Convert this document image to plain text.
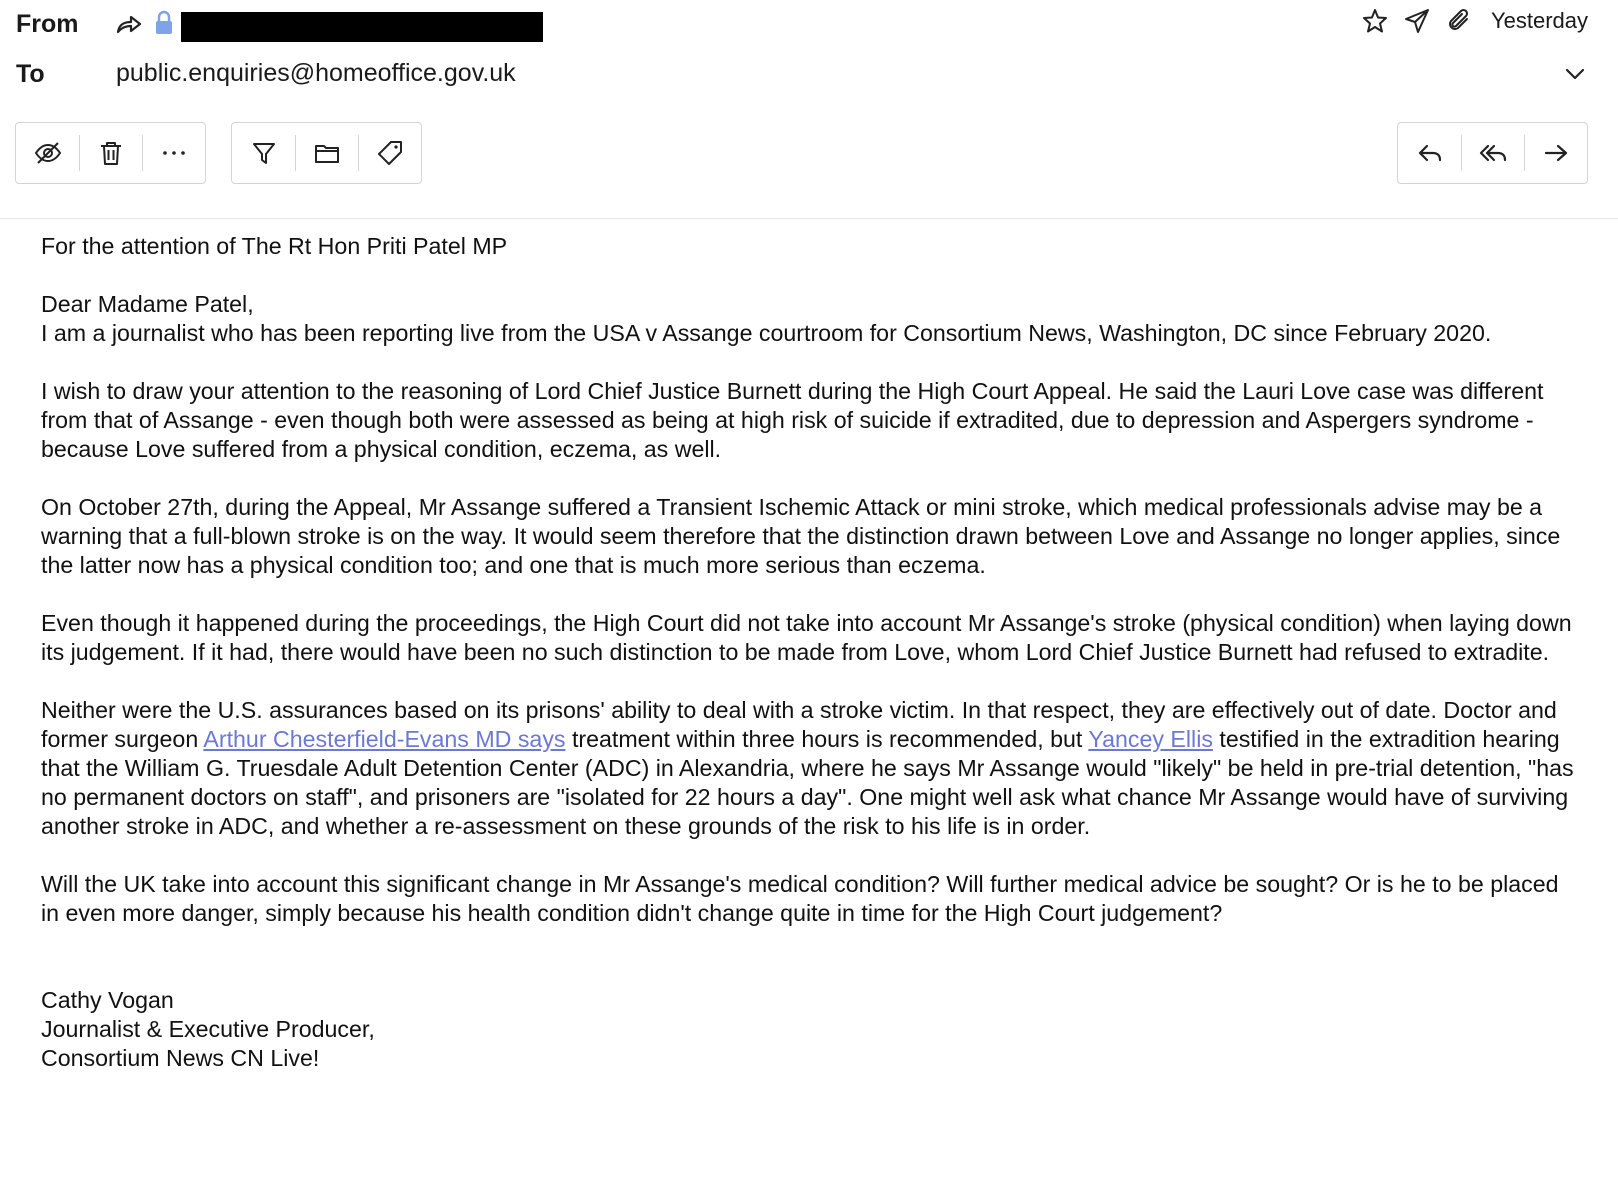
From	Yesterday
To	public.enquiries@homeoffice.gov.uk

For the attention of The Rt Hon Priti Patel MP

Dear Madame Patel,
I am a journalist who has been reporting live from the USA v Assange courtroom for Consortium News, Washington, DC since February 2020.

I wish to draw your attention to the reasoning of Lord Chief Justice Burnett during the High Court Appeal. He said the Lauri Love case was different from that of Assange - even though both were assessed as being at high risk of suicide if extradited, due to depression and Aspergers syndrome - because Love suffered from a physical condition, eczema, as well.

On October 27th, during the Appeal, Mr Assange suffered a Transient Ischemic Attack or mini stroke, which medical professionals advise may be a warning that a full-blown stroke is on the way. It would seem therefore that the distinction drawn between Love and Assange no longer applies, since the latter now has a physical condition too; and one that is much more serious than eczema.

Even though it happened during the proceedings, the High Court did not take into account Mr Assange's stroke (physical condition) when laying down its judgement. If it had, there would have been no such distinction to be made from Love, whom Lord Chief Justice Burnett had refused to extradite.

Neither were the U.S. assurances based on its prisons' ability to deal with a stroke victim. In that respect, they are effectively out of date. Doctor and former surgeon Arthur Chesterfield-Evans MD says treatment within three hours is recommended, but Yancey Ellis testified in the extradition hearing that the William G. Truesdale Adult Detention Center (ADC) in Alexandria, where he says Mr Assange would "likely" be held in pre-trial detention, "has no permanent doctors on staff", and prisoners are "isolated for 22 hours a day". One might well ask what chance Mr Assange would have of surviving another stroke in ADC, and whether a re-assessment on these grounds of the risk to his life is in order.

Will the UK take into account this significant change in Mr Assange's medical condition? Will further medical advice be sought? Or is he to be placed in even more danger, simply because his health condition didn't change quite in time for the High Court judgement?

Cathy Vogan
Journalist & Executive Producer,
Consortium News CN Live!
